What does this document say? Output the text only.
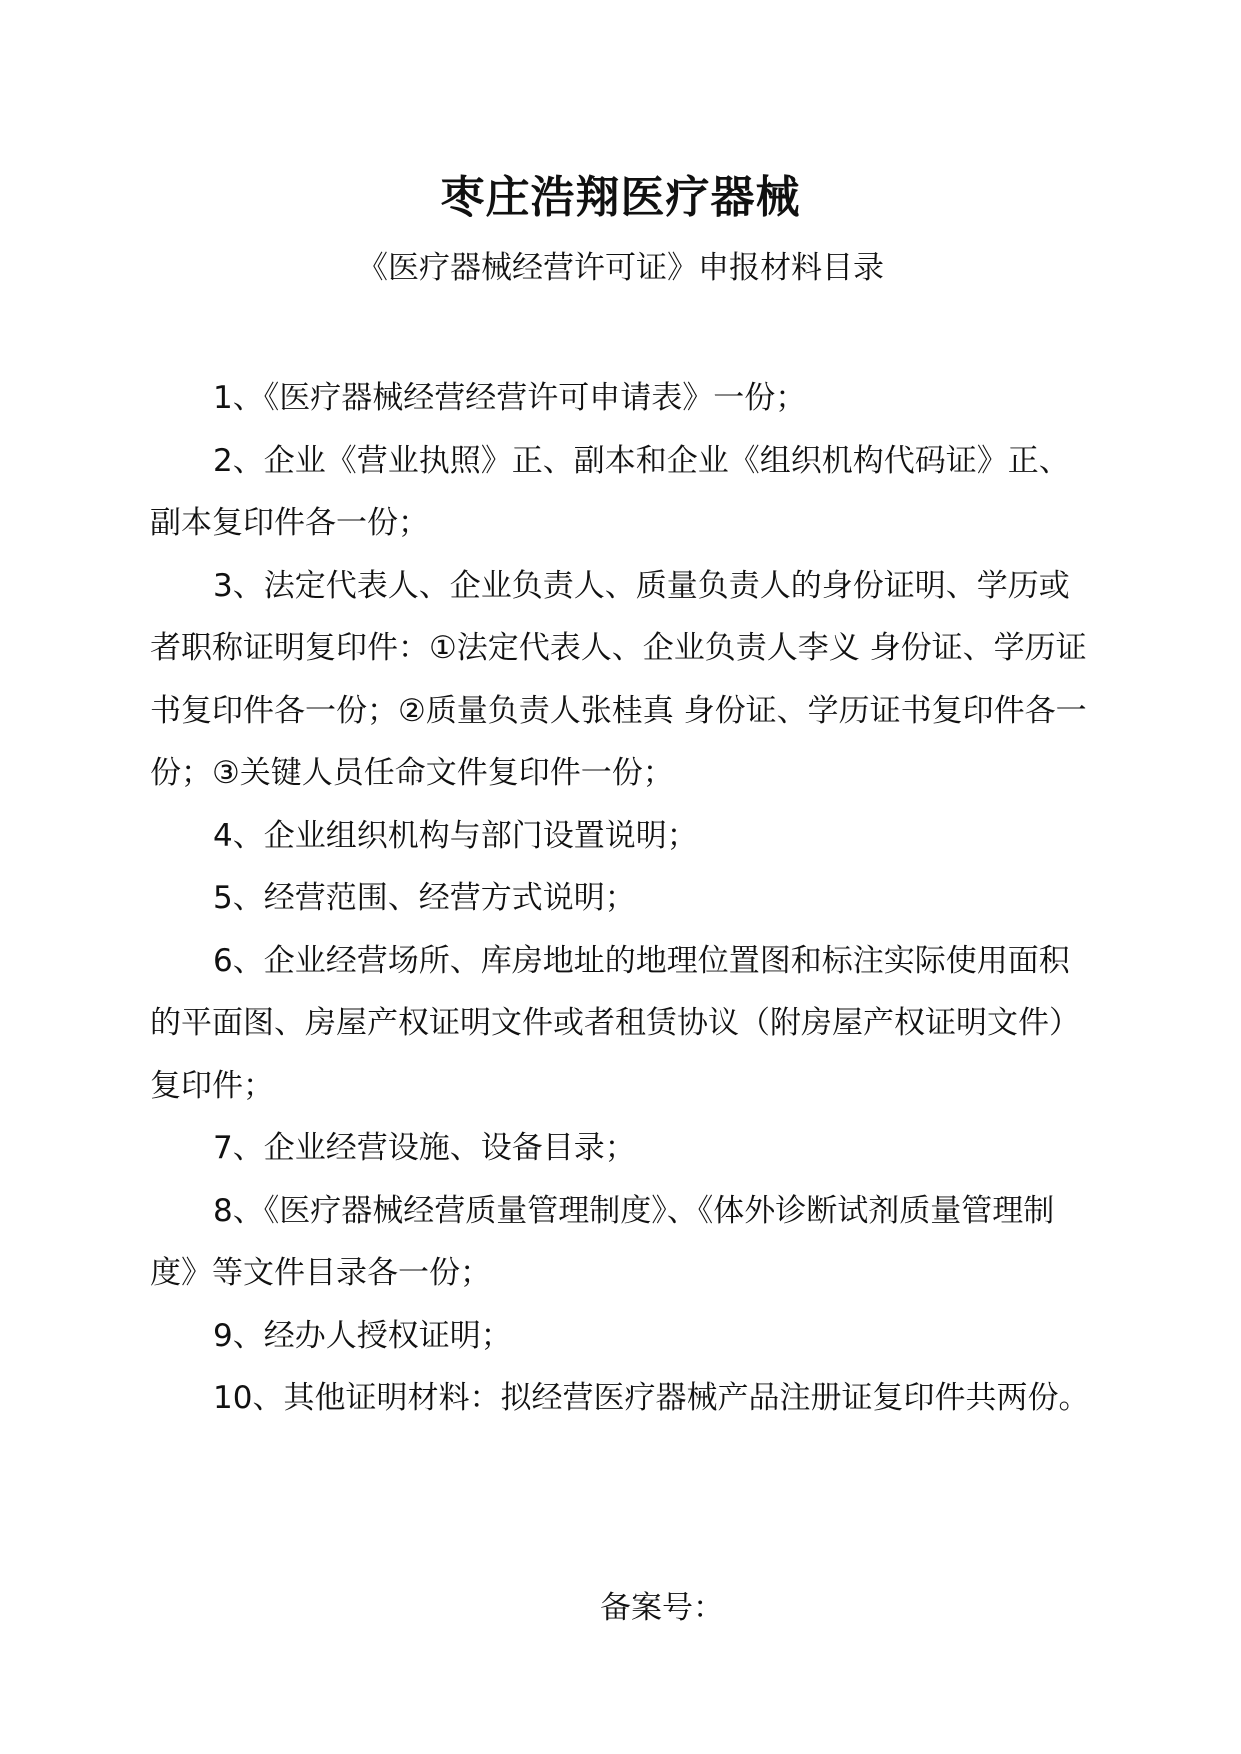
枣庄浩翔医疗器械
《医疗器械经营许可证》申报材料目录
1、《医疗器械经营经营许可申请表》一份；
2、企业《营业执照》正、副本和企业《组织机构代码证》正、副本复印件各一份；
3、法定代表人、企业负责人、质量负责人的身份证明、学历或者职称证明复印件：①法定代表人、企业负责人李义 身份证、学历证书复印件各一份；②质量负责人张桂真 身份证、学历证书复印件各一份；③关键人员任命文件复印件一份；
4、企业组织机构与部门设置说明；
5、经营范围、经营方式说明；
6、企业经营场所、库房地址的地理位置图和标注实际使用面积的平面图、房屋产权证明文件或者租赁协议（附房屋产权证明文件）复印件；
7、企业经营设施、设备目录；
8、《医疗器械经营质量管理制度》、《体外诊断试剂质量管理制度》等文件目录各一份；
9、经办人授权证明；
10、其他证明材料：拟经营医疗器械产品注册证复印件共两份。

备案号：
